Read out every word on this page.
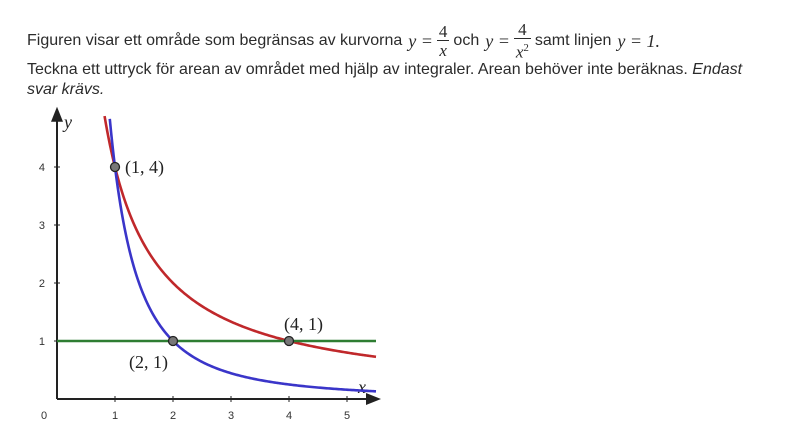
Figuren visar ett område som begränsas av kurvorna $y = \frac{4}{x}$ och $y = \frac{4}{x^2}$ samt linjen y = 1.
Teckna ett uttryck för arean av området med hjälp av integraler. Arean behöver inte beräknas. Endast
svar krävs.
x
y
1	2	3	4	5
1
2
3
4
0
(1, 4)
(2, 1)
(4, 1)
